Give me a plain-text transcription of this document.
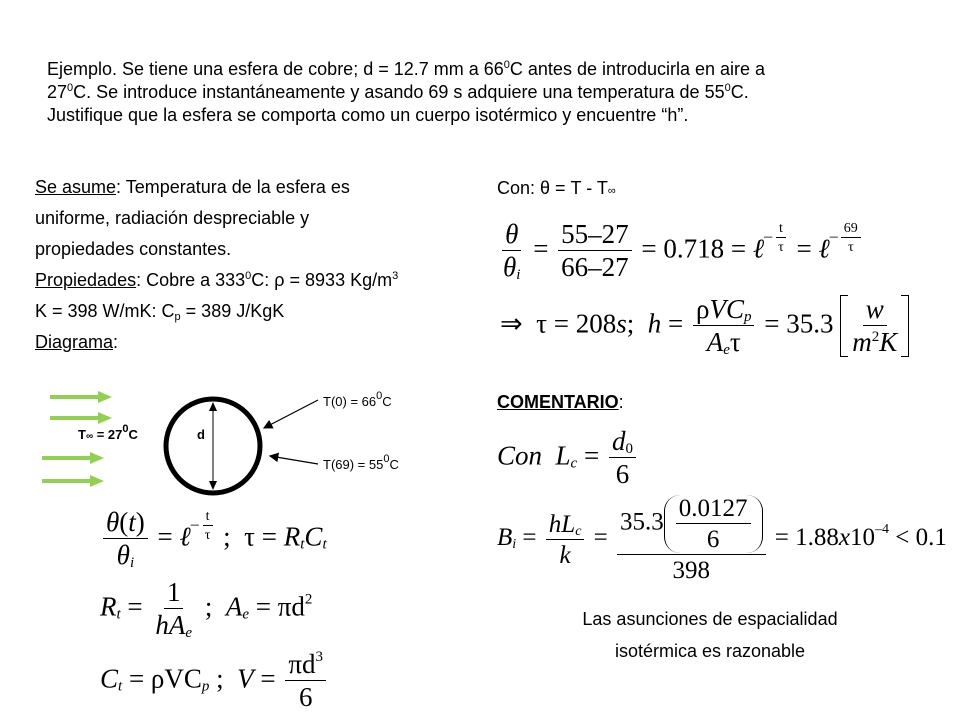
Ejemplo. Se tiene una esfera de cobre; d = 12.7 mm a $66^0C$ antes de introducirla en aire a

$27^0C$. Se introduce instantáneamente y asando 69 s adquiere una temperatura de $55^0C$.

Justifique que la esfera se comporta como un cuerpo isotérmico y encuentre “h”.

Se asume: Temperatura de la esfera es

uniforme, radiación despreciable y

propiedades constantes.

Propiedades: Cobre a $333^0C$: ρ = 8933 $Kg/m^3$

K = 398 W/mK: $C_p = 389$ J/KgK

Diagrama:

$T\infty = 27^0C$	d
$T(0) = 66^0C$
$T(69) = 55^0C$
$\frac{\theta(t)}{\theta_i}$ = ℓ$^{- \frac{t}{\tau}}$ ;  $\tau = R_tC_t$
$R_t = \frac{1}{hA_e}$ ;  $A_e = \pi d^2$
$C_t = \rho VC_p$ ;  $V = \frac{\pi d^3}{6}$
Con: θ = T - T∞
$\frac{\theta}{\theta_i} = \frac{55-27}{66-27} = 0.718$ = ℓ$^{- \frac{t}{\tau}}$ = ℓ$^{- \frac{69}{\tau}}$
⇒  τ = 208s;  $h = \frac{\rho VC_p}{A_e\tau} = 35.3 \frac{w}{m^2K}$
COMENTARIO:
Con $L_c = \frac{d_0}{6}$
$B_i = \frac{hL_c}{k} = \frac{35.3 \frac{0.0127}{6}}{398} = 1.88x10^{-4} < 0.1$

Las asunciones de espacialidad

isotérmica es razonable
